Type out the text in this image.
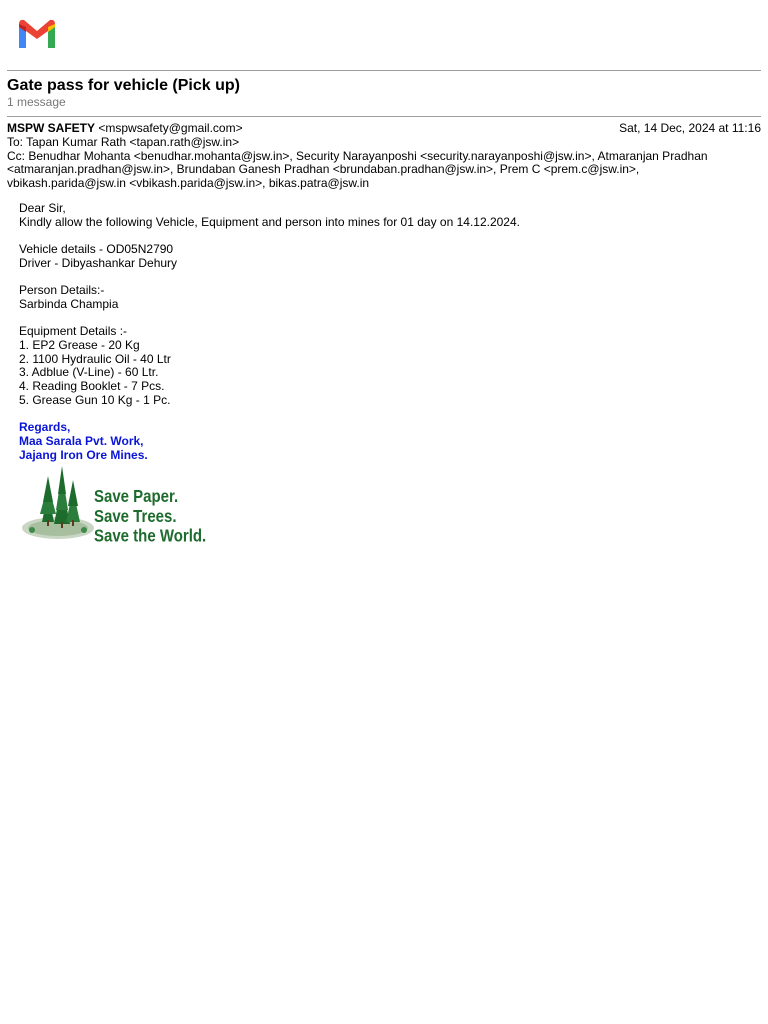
Gate pass for vehicle (Pick up)
1 message
MSPW SAFETY <mspwsafety@gmail.com>	Sat, 14 Dec, 2024 at 11:16
To: Tapan Kumar Rath <tapan.rath@jsw.in>
Cc: Benudhar Mohanta <benudhar.mohanta@jsw.in>, Security Narayanposhi <security.narayanposhi@jsw.in>, Atmaranjan Pradhan
<atmaranjan.pradhan@jsw.in>, Brundaban Ganesh Pradhan <brundaban.pradhan@jsw.in>, Prem C <prem.c@jsw.in>,
vbikash.parida@jsw.in <vbikash.parida@jsw.in>, bikas.patra@jsw.in

Dear Sir,

Kindly allow the following Vehicle, Equipment and person into mines for 01 day on 14.12.2024.

Vehicle details - OD05N2790

Driver - Dibyashankar Dehury

Person Details:-

Sarbinda Champia

Equipment Details :-

1. EP2 Grease - 20 Kg

2. 1100 Hydraulic Oil - 40 Ltr

3. Adblue (V-Line) - 60 Ltr.

4. Reading Booklet - 7 Pcs.

5. Grease Gun 10 Kg - 1 Pc.

Regards,

Maa Sarala Pvt. Work,

Jajang Iron Ore Mines.

Save Paper.
Save Trees.
Save the World.
